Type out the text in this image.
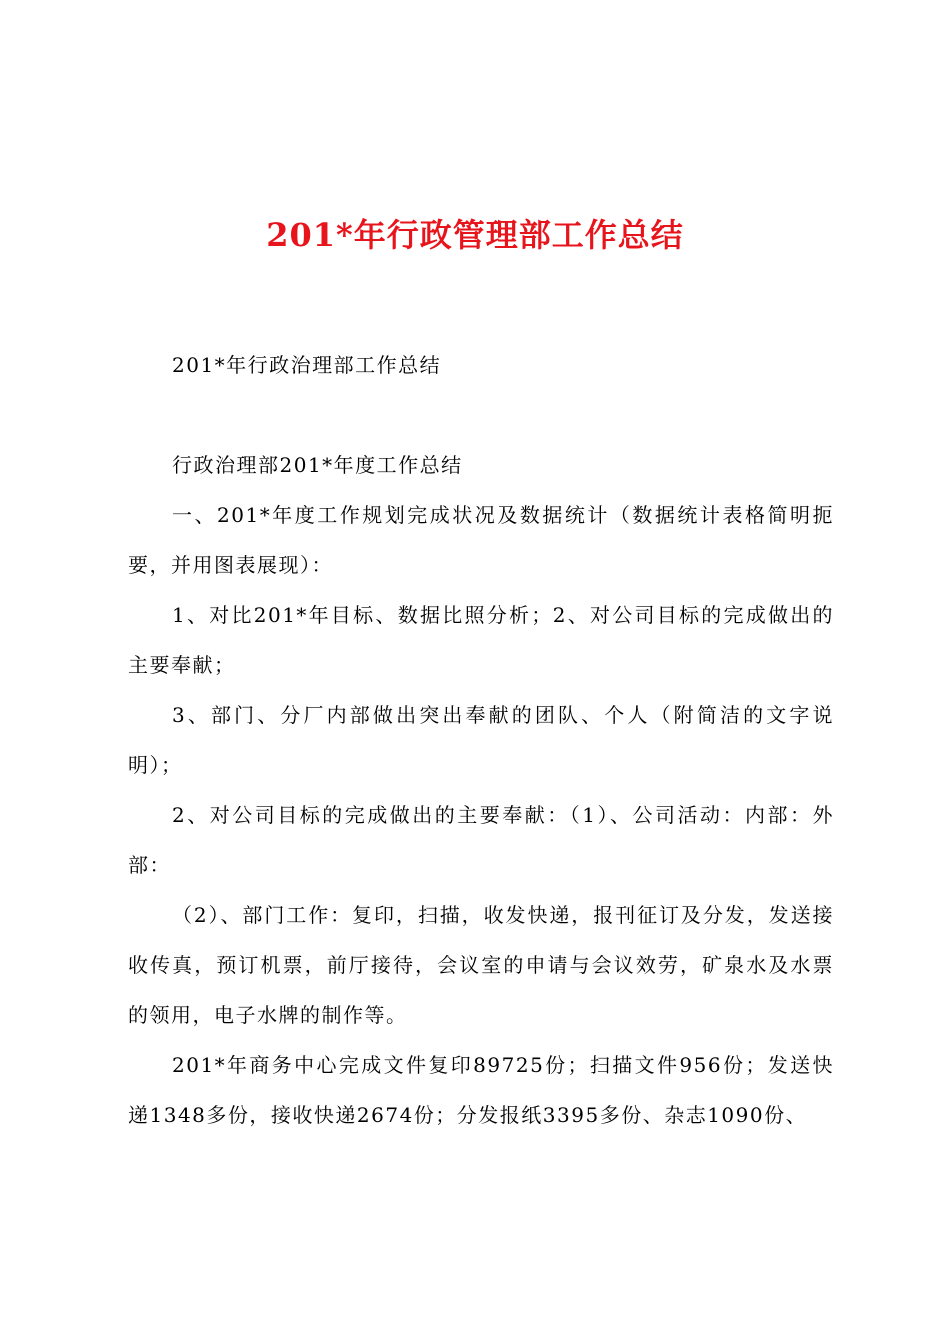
201*年行政管理部工作总结

201*年行政治理部工作总结

行政治理部201*年度工作总结

一、201*年度工作规划完成状况及数据统计（数据统计表格简明扼要，并用图表展现）：

1、对比201*年目标、数据比照分析；2、对公司目标的完成做出的主要奉献；

3、部门、分厂内部做出突出奉献的团队、个人（附简洁的文字说明）；

2、对公司目标的完成做出的主要奉献：（1）、公司活动：内部：外部：

（2）、部门工作：复印，扫描，收发快递，报刊征订及分发，发送接收传真，预订机票，前厅接待，会议室的申请与会议效劳，矿泉水及水票的领用，电子水牌的制作等。

201*年商务中心完成文件复印89725份；扫描文件956份；发送快递1348多份，接收快递2674份；分发报纸3395多份、杂志1090份、
